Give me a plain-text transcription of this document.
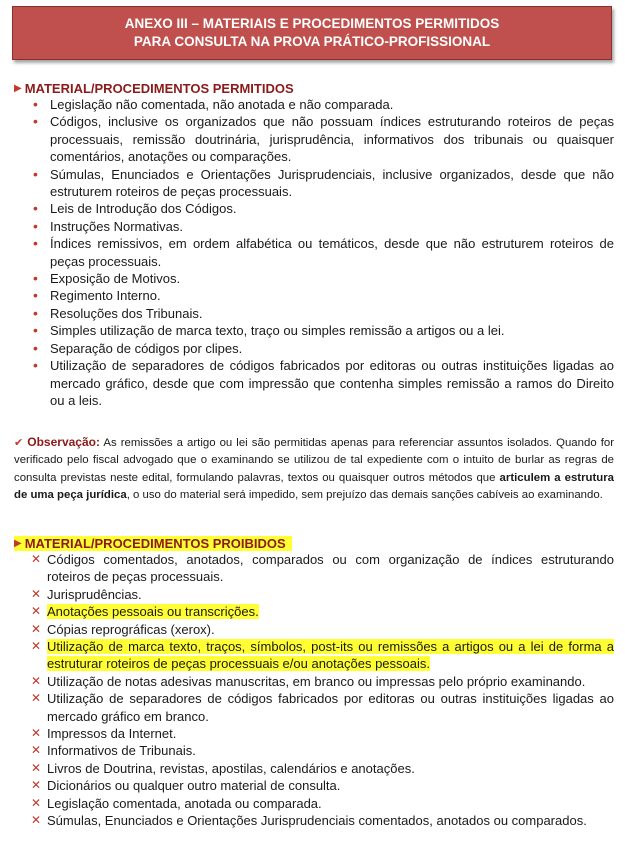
ANEXO III – MATERIAIS E PROCEDIMENTOS PERMITIDOS
PARA CONSULTA NA PROVA PRÁTICO-PROFISSIONAL
▶ MATERIAL/PROCEDIMENTOS PERMITIDOS
• Legislação não comentada, não anotada e não comparada.
• Códigos, inclusive os organizados que não possuam índices estruturando roteiros de peças processuais, remissão doutrinária, jurisprudência, informativos dos tribunais ou quaisquer comentários, anotações ou comparações.
• Súmulas, Enunciados e Orientações Jurisprudenciais, inclusive organizados, desde que não estruturem roteiros de peças processuais.
• Leis de Introdução dos Códigos.
• Instruções Normativas.
• Índices remissivos, em ordem alfabética ou temáticos, desde que não estruturem roteiros de peças processuais.
• Exposição de Motivos.
• Regimento Interno.
• Resoluções dos Tribunais.
• Simples utilização de marca texto, traço ou simples remissão a artigos ou a lei.
• Separação de códigos por clipes.
• Utilização de separadores de códigos fabricados por editoras ou outras instituições ligadas ao mercado gráfico, desde que com impressão que contenha simples remissão a ramos do Direito ou a leis.
✔ Observação: As remissões a artigo ou lei são permitidas apenas para referenciar assuntos isolados. Quando for verificado pelo fiscal advogado que o examinando se utilizou de tal expediente com o intuito de burlar as regras de consulta previstas neste edital, formulando palavras, textos ou quaisquer outros métodos que articulem a estrutura de uma peça jurídica, o uso do material será impedido, sem prejuízo das demais sanções cabíveis ao examinando.
▶ MATERIAL/PROCEDIMENTOS PROIBIDOS
✕ Códigos comentados, anotados, comparados ou com organização de índices estruturando roteiros de peças processuais.
✕ Jurisprudências.
✕ Anotações pessoais ou transcrições.
✕ Cópias reprográficas (xerox).
✕ Utilização de marca texto, traços, símbolos, post-its ou remissões a artigos ou a lei de forma a estruturar roteiros de peças processuais e/ou anotações pessoais.
✕ Utilização de notas adesivas manuscritas, em branco ou impressas pelo próprio examinando.
✕ Utilização de separadores de códigos fabricados por editoras ou outras instituições ligadas ao mercado gráfico em branco.
✕ Impressos da Internet.
✕ Informativos de Tribunais.
✕ Livros de Doutrina, revistas, apostilas, calendários e anotações.
✕ Dicionários ou qualquer outro material de consulta.
✕ Legislação comentada, anotada ou comparada.
✕ Súmulas, Enunciados e Orientações Jurisprudenciais comentados, anotados ou comparados.
